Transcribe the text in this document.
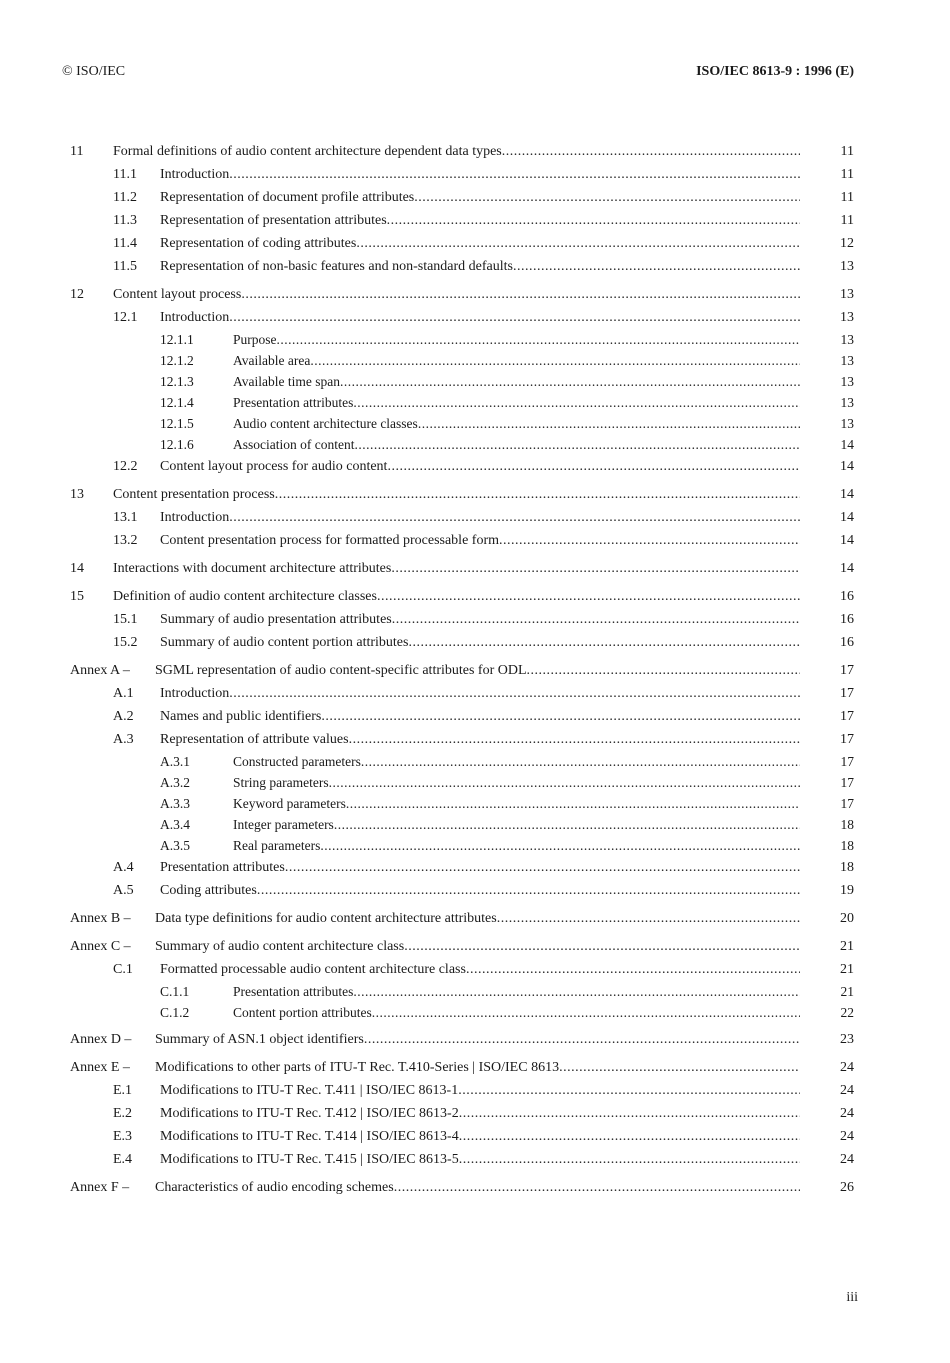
© ISO/IEC	ISO/IEC 8613-9 : 1996 (E)
11 Formal definitions of audio content architecture dependent data types .....	11
11.1 Introduction .....	11
11.2 Representation of document profile attributes .....	11
11.3 Representation of presentation attributes .....	11
11.4 Representation of coding attributes .....	12
11.5 Representation of non-basic features and non-standard defaults .....	13
12 Content layout process .....	13
12.1 Introduction .....	13
12.1.1	Purpose .....	13
12.1.2	Available area .....	13
12.1.3	Available time span .....	13
12.1.4	Presentation attributes .....	13
12.1.5	Audio content architecture classes .....	13
12.1.6	Association of content .....	14
12.2 Content layout process for audio content .....	14
13 Content presentation process .....	14
13.1 Introduction .....	14
13.2 Content presentation process for formatted processable form .....	14
14 Interactions with document architecture attributes .....	14
15 Definition of audio content architecture classes .....	16
15.1 Summary of audio presentation attributes .....	16
15.2 Summary of audio content portion attributes .....	16
Annex A – SGML representation of audio content-specific attributes for ODL .....	17
A.1 Introduction .....	17
A.2 Names and public identifiers .....	17
A.3 Representation of attribute values .....	17
A.3.1	Constructed parameters .....	17
A.3.2	String parameters .....	17
A.3.3	Keyword parameters .....	17
A.3.4	Integer parameters .....	18
A.3.5	Real parameters .....	18
A.4 Presentation attributes .....	18
A.5 Coding attributes .....	19
Annex B – Data type definitions for audio content architecture attributes .....	20
Annex C – Summary of audio content architecture class .....	21
C.1 Formatted processable audio content architecture class .....	21
C.1.1	Presentation attributes .....	21
C.1.2	Content portion attributes .....	22
Annex D – Summary of ASN.1 object identifiers .....	23
Annex E – Modifications to other parts of ITU-T Rec. T.410-Series | ISO/IEC 8613 .....	24
E.1 Modifications to ITU-T Rec. T.411 | ISO/IEC 8613-1 .....	24
E.2 Modifications to ITU-T Rec. T.412 | ISO/IEC 8613-2 .....	24
E.3 Modifications to ITU-T Rec. T.414 | ISO/IEC 8613-4 .....	24
E.4 Modifications to ITU-T Rec. T.415 | ISO/IEC 8613-5 .....	24
Annex F – Characteristics of audio encoding schemes .....	26
iii
